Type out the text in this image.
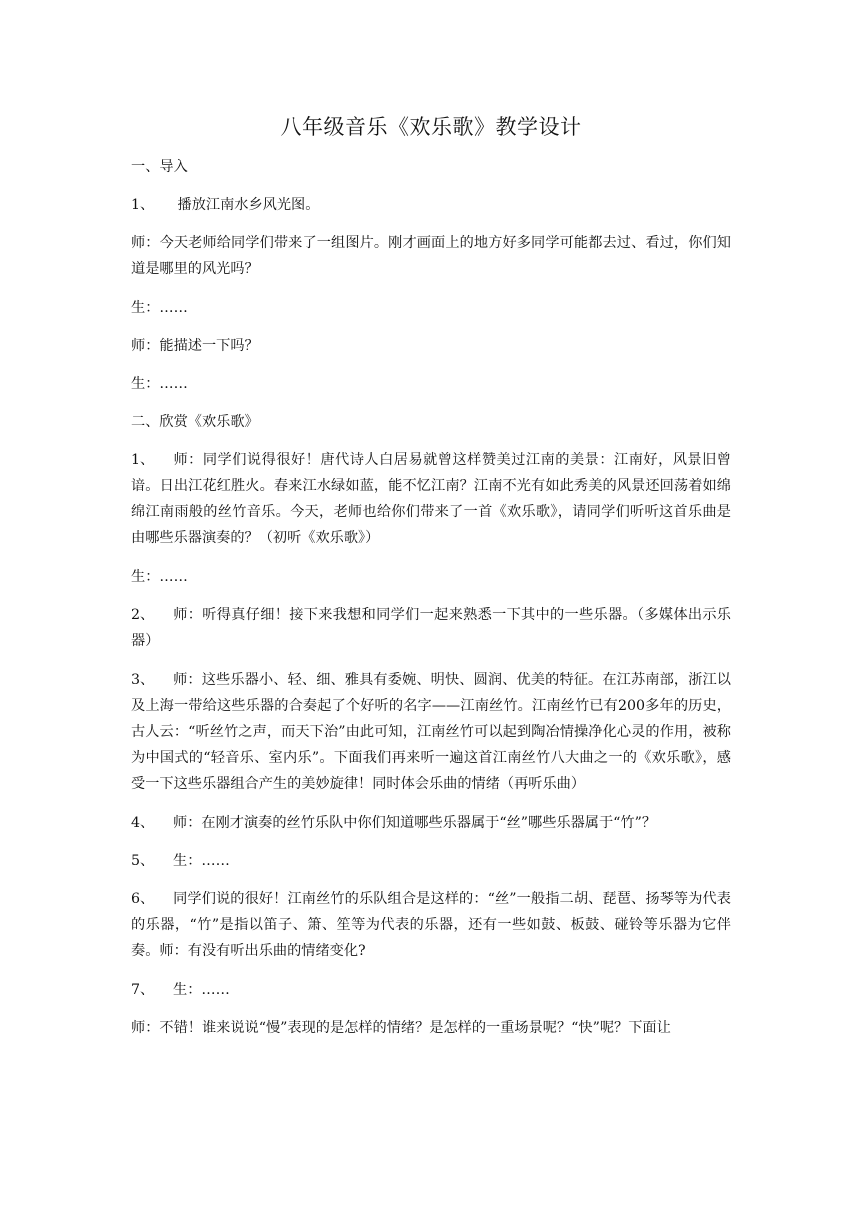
八年级音乐《欢乐歌》教学设计

一、导入

1、 播放江南水乡风光图。

师：今天老师给同学们带来了一组图片。刚才画面上的地方好多同学可能都去过、看过，你们知道是哪里的风光吗？

生：……

师：能描述一下吗？

生：……

二、欣赏《欢乐歌》

1、 师：同学们说得很好！唐代诗人白居易就曾这样赞美过江南的美景：江南好，风景旧曾谙。日出江花红胜火。春来江水绿如蓝，能不忆江南？江南不光有如此秀美的风景还回荡着如绵绵江南雨般的丝竹音乐。今天，老师也给你们带来了一首《欢乐歌》，请同学们听听这首乐曲是由哪些乐器演奏的？（初听《欢乐歌》）

生：……

2、 师：听得真仔细！接下来我想和同学们一起来熟悉一下其中的一些乐器。（多媒体出示乐器）

3、 师：这些乐器小、轻、细、雅具有委婉、明快、圆润、优美的特征。在江苏南部，浙江以及上海一带给这些乐器的合奏起了个好听的名字——江南丝竹。江南丝竹已有200多年的历史，古人云：“听丝竹之声，而天下治”由此可知，江南丝竹可以起到陶冶情操净化心灵的作用，被称为中国式的“轻音乐、室内乐”。下面我们再来听一遍这首江南丝竹八大曲之一的《欢乐歌》，感受一下这些乐器组合产生的美妙旋律！同时体会乐曲的情绪（再听乐曲）

4、 师：在刚才演奏的丝竹乐队中你们知道哪些乐器属于“丝”哪些乐器属于“竹”？

5、 生：……

6、 同学们说的很好！江南丝竹的乐队组合是这样的：“丝”一般指二胡、琵琶、扬琴等为代表的乐器，“竹”是指以笛子、箫、笙等为代表的乐器，还有一些如鼓、板鼓、碰铃等乐器为它伴奏。师：有没有听出乐曲的情绪变化?

7、 生：……

师：不错！谁来说说“慢”表现的是怎样的情绪？是怎样的一重场景呢？“快”呢？下面让
